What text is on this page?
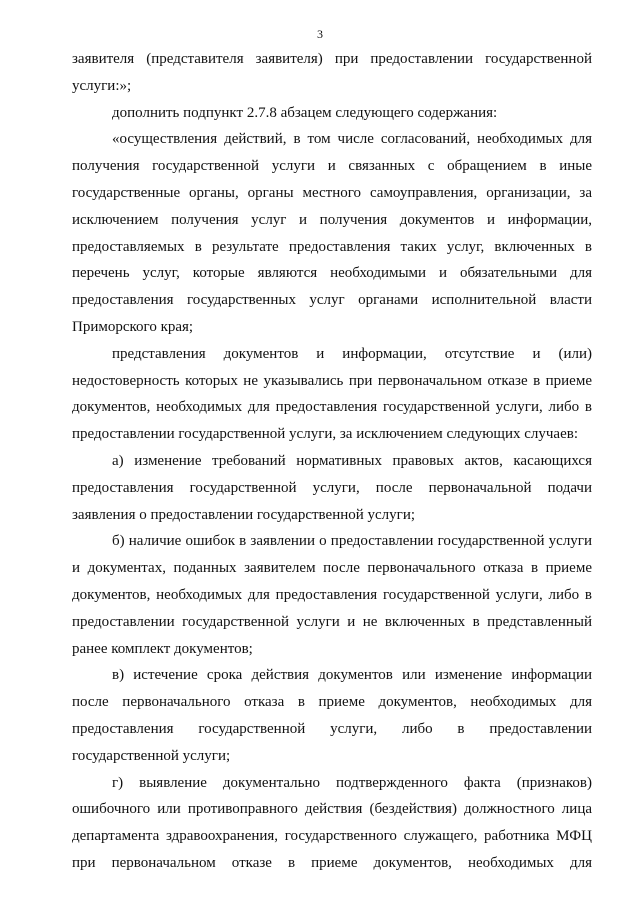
3

заявителя (представителя заявителя) при предоставлении государственной услуги:»;

дополнить подпункт 2.7.8 абзацем следующего содержания:

«осуществления действий, в том числе согласований, необходимых для получения государственной услуги и связанных с обращением в иные государственные органы, органы местного самоуправления, организации, за исключением получения услуг и получения документов и информации, предоставляемых в результате предоставления таких услуг, включенных в перечень услуг, которые являются необходимыми и обязательными для предоставления государственных услуг органами исполнительной власти Приморского края;

представления документов и информации, отсутствие и (или) недостоверность которых не указывались при первоначальном отказе в приеме документов, необходимых для предоставления государственной услуги, либо в предоставлении государственной услуги, за исключением следующих случаев:

а) изменение требований нормативных правовых актов, касающихся предоставления государственной услуги, после первоначальной подачи заявления о предоставлении государственной услуги;

б) наличие ошибок в заявлении о предоставлении государственной услуги и документах, поданных заявителем после первоначального отказа в приеме документов, необходимых для предоставления государственной услуги, либо в предоставлении государственной услуги и не включенных в представленный ранее комплект документов;

в) истечение срока действия документов или изменение информации после первоначального отказа в приеме документов, необходимых для предоставления государственной услуги, либо в предоставлении государственной услуги;

г) выявление документально подтвержденного факта (признаков) ошибочного или противоправного действия (бездействия) должностного лица департамента здравоохранения, государственного служащего, работника МФЦ при первоначальном отказе в приеме документов, необходимых для
